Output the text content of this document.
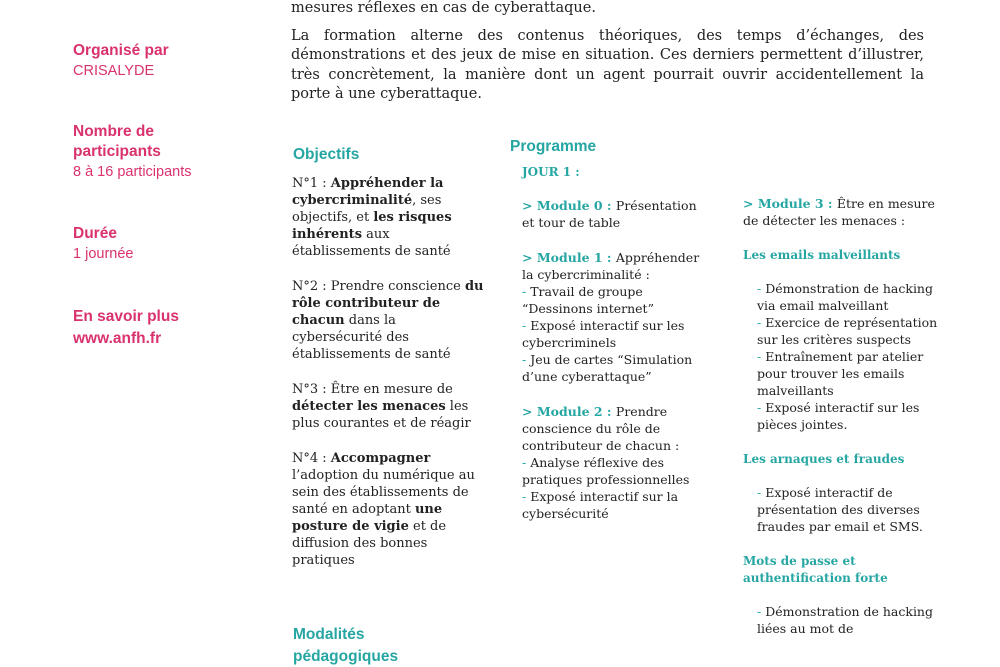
Organisé par
CRISALYDE
Nombre de
participants
8 à 16 participants
Durée
1 journée
En savoir plus
www.anfh.fr

mesures réflexes en cas de cyberattaque.

La formation alterne des contenus théoriques, des temps d’échanges, des démonstrations et des jeux de mise en situation. Ces derniers permettent d’illustrer, très concrètement, la manière dont un agent pourrait ouvrir accidentellement la porte à une cyberattaque.

Objectifs

N°1 : Appréhender la cybercriminalité, ses objectifs, et les risques inhérents aux établissements de santé

N°2 : Prendre conscience du rôle contributeur de chacun dans la cybersécurité des établissements de santé

N°3 : Être en mesure de détecter les menaces les plus courantes et de réagir

N°4 : Accompagner l’adoption du numérique au sein des établissements de santé en adoptant une posture de vigie et de diffusion des bonnes pratiques

Modalités
pédagogiques
Programme
JOUR 1 :
> Module 0 : Présentation et tour de table
> Module 1 : Appréhender la cybercriminalité :
- Travail de groupe “Dessinons internet”
- Exposé interactif sur les cybercriminels
- Jeu de cartes “Simulation d’une cyberattaque”
> Module 2 : Prendre conscience du rôle de contributeur de chacun :
- Analyse réflexive des pratiques professionnelles
- Exposé interactif sur la cybersécurité
> Module 3 : Être en mesure de détecter les menaces :
Les emails malveillants
- Démonstration de hacking via email malveillant
- Exercice de représentation sur les critères suspects
- Entraînement par atelier pour trouver les emails malveillants
- Exposé interactif sur les pièces jointes.
Les arnaques et fraudes
- Exposé interactif de présentation des diverses fraudes par email et SMS.
Mots de passe et
authentification forte
- Démonstration de hacking liées au mot de
